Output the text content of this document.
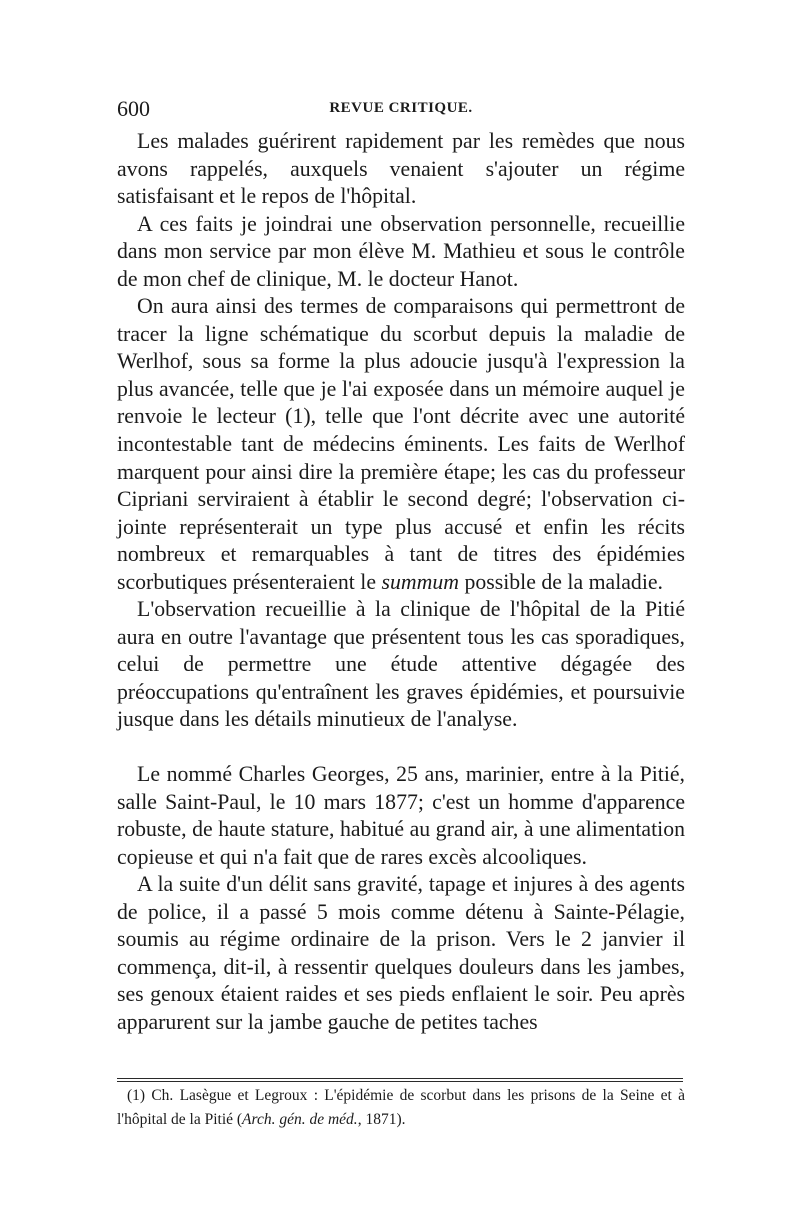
600	REVUE CRITIQUE.

Les malades guérirent rapidement par les remèdes que nous avons rappelés, auxquels venaient s'ajouter un régime satisfaisant et le repos de l'hôpital.

A ces faits je joindrai une observation personnelle, recueillie dans mon service par mon élève M. Mathieu et sous le contrôle de mon chef de clinique, M. le docteur Hanot.

On aura ainsi des termes de comparaisons qui permettront de tracer la ligne schématique du scorbut depuis la maladie de Werlhof, sous sa forme la plus adoucie jusqu'à l'expression la plus avancée, telle que je l'ai exposée dans un mémoire auquel je renvoie le lecteur (1), telle que l'ont décrite avec une autorité incontestable tant de médecins éminents. Les faits de Werlhof marquent pour ainsi dire la première étape; les cas du professeur Cipriani serviraient à établir le second degré; l'observation ci-jointe représenterait un type plus accusé et enfin les récits nombreux et remarquables à tant de titres des épidémies scorbutiques présenteraient le summum possible de la maladie.

L'observation recueillie à la clinique de l'hôpital de la Pitié aura en outre l'avantage que présentent tous les cas sporadiques, celui de permettre une étude attentive dégagée des préoccupations qu'entraînent les graves épidémies, et poursuivie jusque dans les détails minutieux de l'analyse.

Le nommé Charles Georges, 25 ans, marinier, entre à la Pitié, salle Saint-Paul, le 10 mars 1877; c'est un homme d'apparence robuste, de haute stature, habitué au grand air, à une alimentation copieuse et qui n'a fait que de rares excès alcooliques.

A la suite d'un délit sans gravité, tapage et injures à des agents de police, il a passé 5 mois comme détenu à Sainte-Pélagie, soumis au régime ordinaire de la prison. Vers le 2 janvier il commença, dit-il, à ressentir quelques douleurs dans les jambes, ses genoux étaient raides et ses pieds enflaient le soir. Peu après apparurent sur la jambe gauche de petites taches

(1) Ch. Lasègue et Legroux : L'épidémie de scorbut dans les prisons de la Seine et à l'hôpital de la Pitié (Arch. gén. de méd., 1871).
